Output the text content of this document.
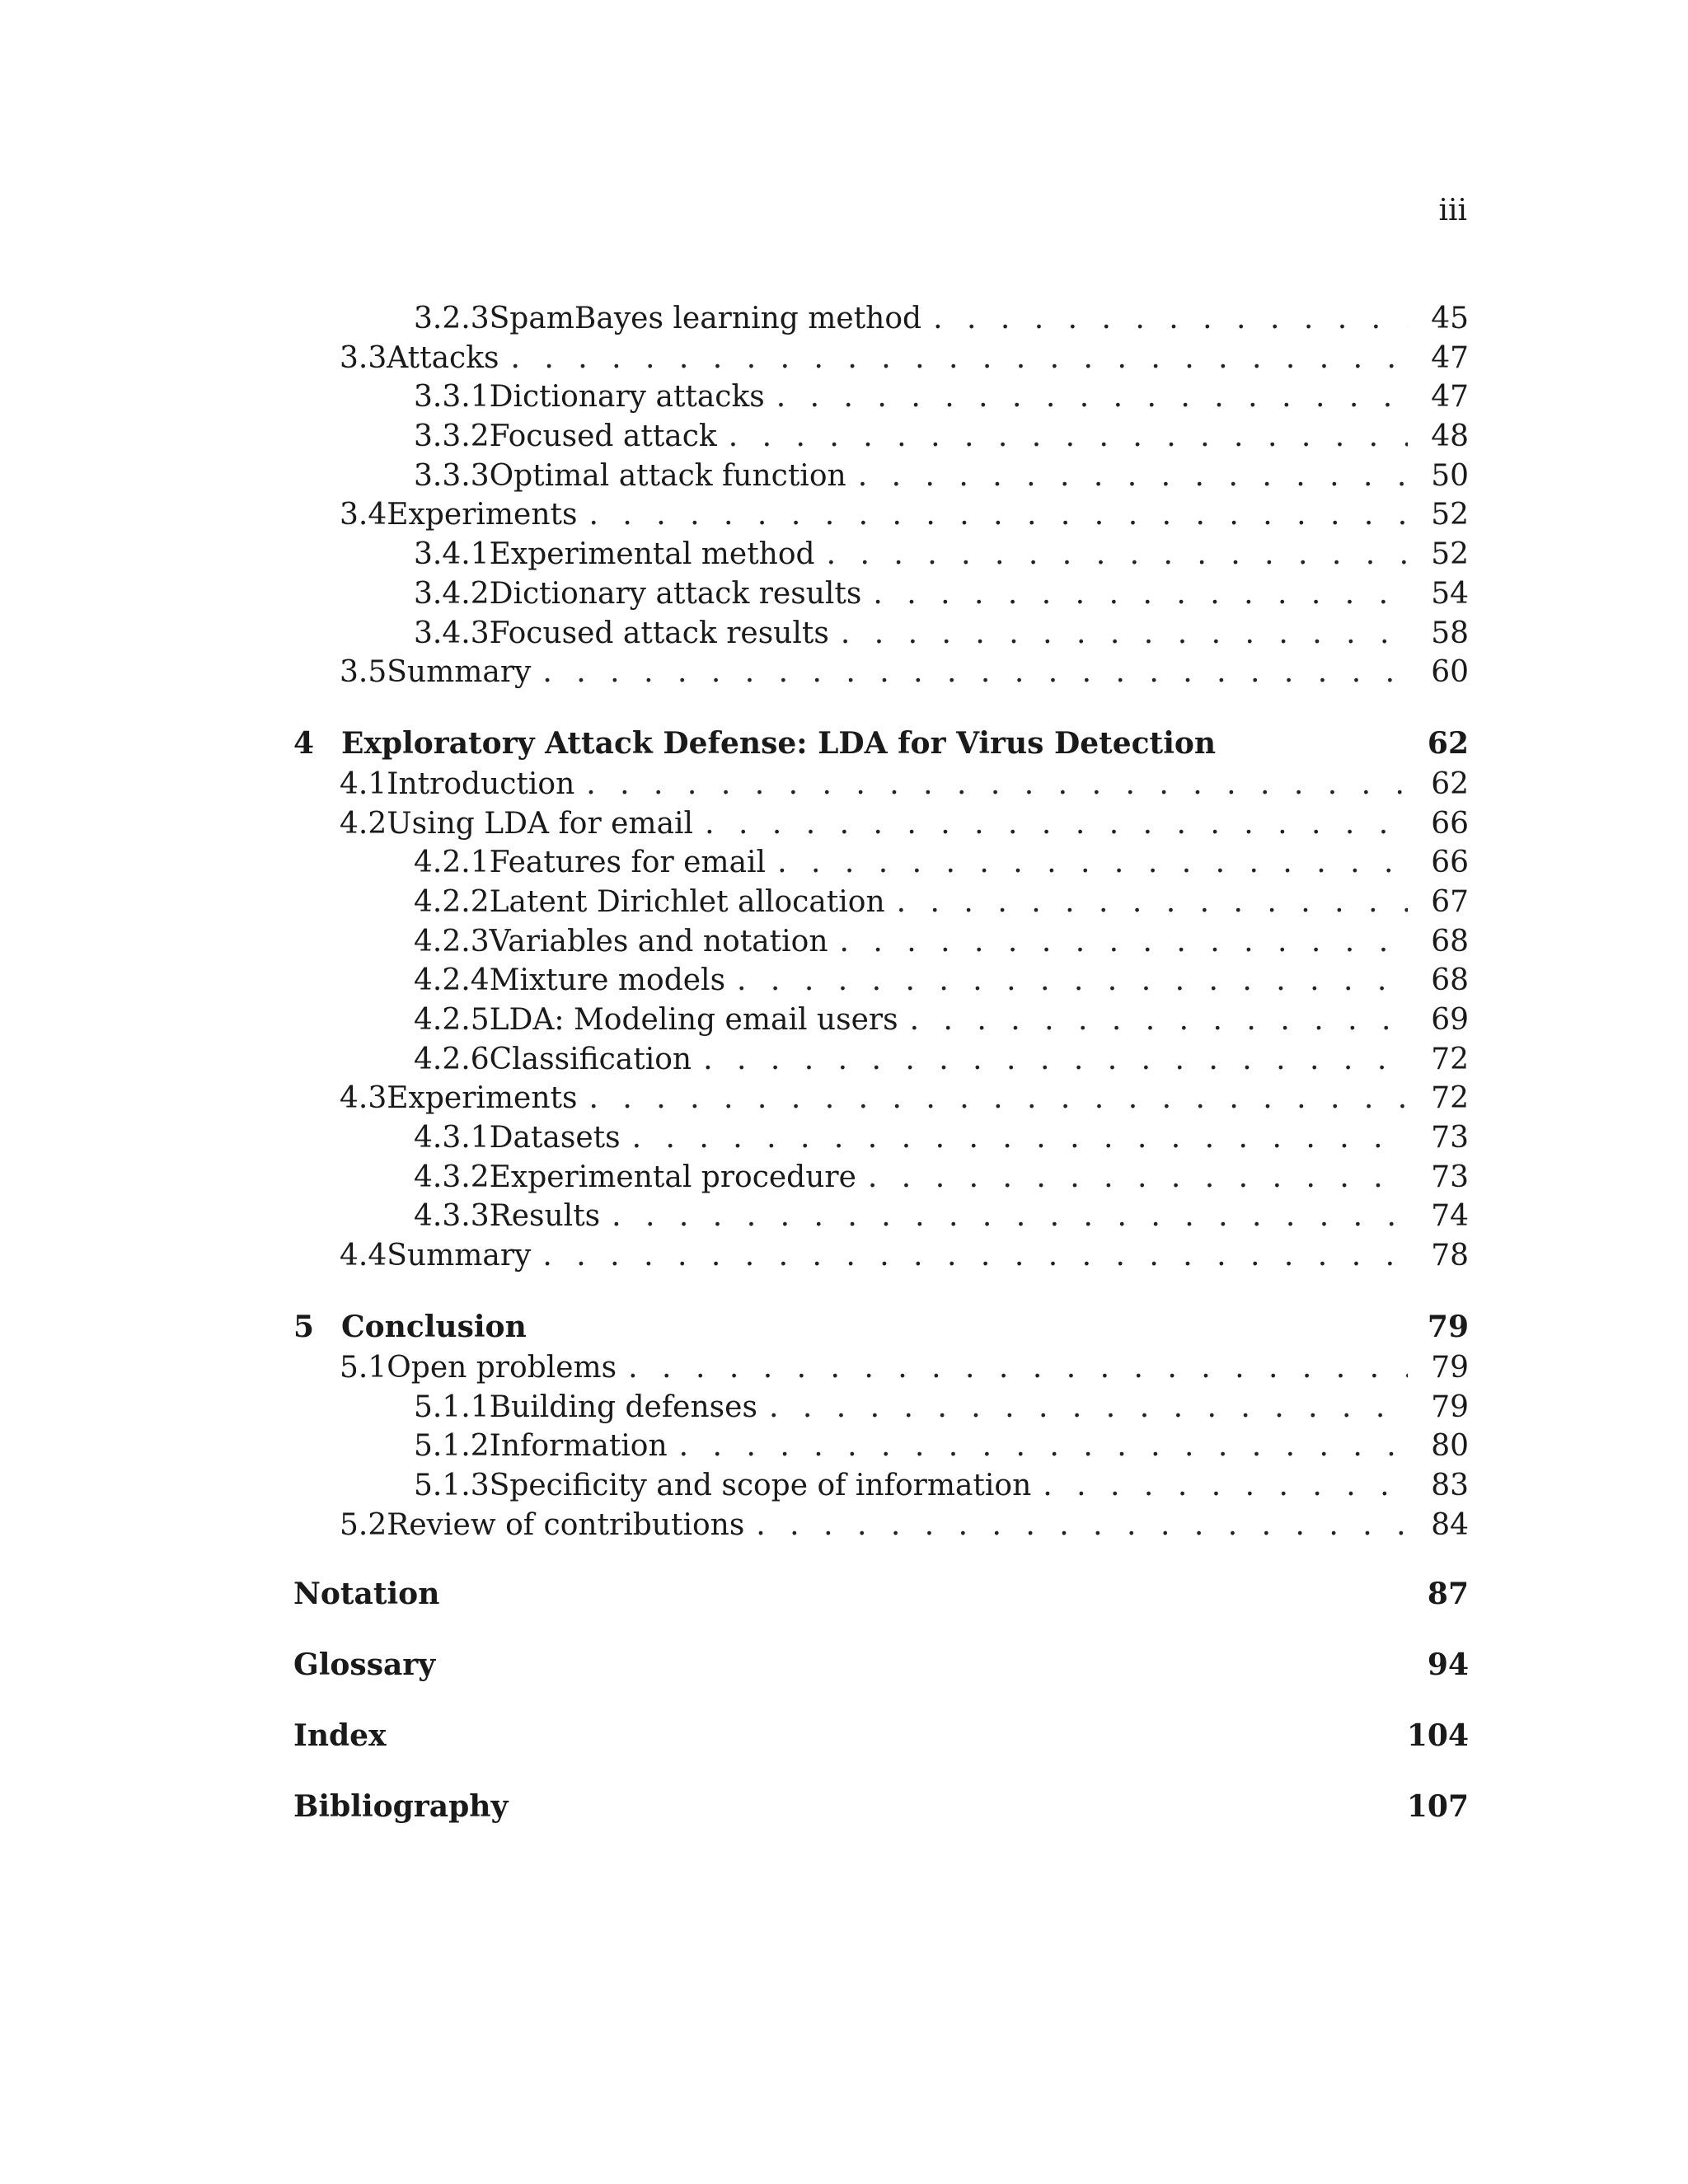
iii
3.2.3 SpamBayes learning method . . .	45
3.3 Attacks . . .	47
3.3.1 Dictionary attacks . . .	47
3.3.2 Focused attack . . .	48
3.3.3 Optimal attack function . . .	50
3.4 Experiments . . .	52
3.4.1 Experimental method . . .	52
3.4.2 Dictionary attack results . . .	54
3.4.3 Focused attack results . . .	58
3.5 Summary . . .	60
4 Exploratory Attack Defense: LDA for Virus Detection	62
4.1 Introduction . . .	62
4.2 Using LDA for email . . .	66
4.2.1 Features for email . . .	66
4.2.2 Latent Dirichlet allocation . . .	67
4.2.3 Variables and notation . . .	68
4.2.4 Mixture models . . .	68
4.2.5 LDA: Modeling email users . . .	69
4.2.6 Classification . . .	72
4.3 Experiments . . .	72
4.3.1 Datasets . . .	73
4.3.2 Experimental procedure . . .	73
4.3.3 Results . . .	74
4.4 Summary . . .	78
5 Conclusion	79
5.1 Open problems . . .	79
5.1.1 Building defenses . . .	79
5.1.2 Information . . .	80
5.1.3 Specificity and scope of information . . .	83
5.2 Review of contributions . . .	84
Notation	87
Glossary	94
Index	104
Bibliography	107
